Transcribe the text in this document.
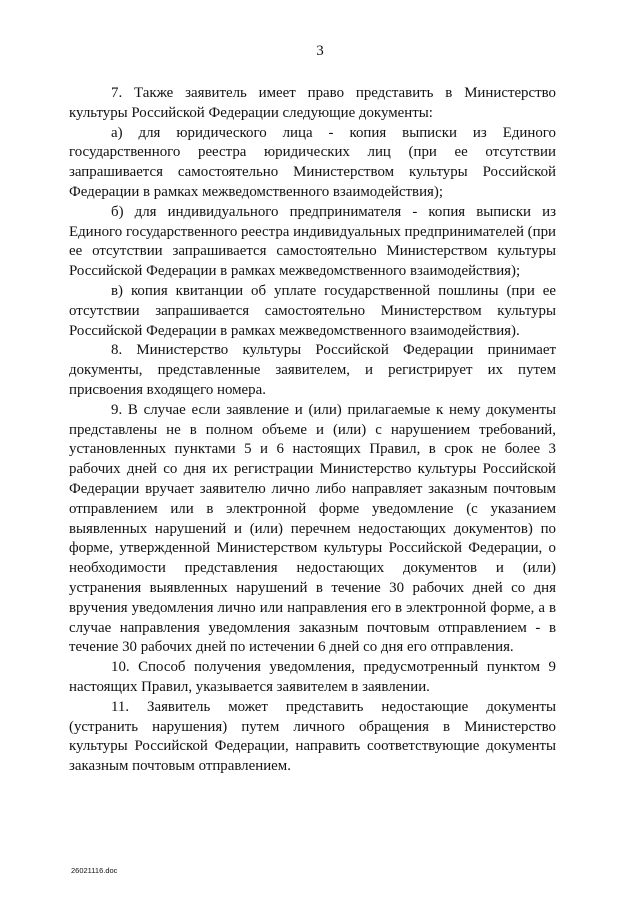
3

7. Также заявитель имеет право представить в Министерство культуры Российской Федерации следующие документы:

а) для юридического лица - копия выписки из Единого государственного реестра юридических лиц (при ее отсутствии запрашивается самостоятельно Министерством культуры Российской Федерации в рамках межведомственного взаимодействия);

б) для индивидуального предпринимателя - копия выписки из Единого государственного реестра индивидуальных предпринимателей (при ее отсутствии запрашивается самостоятельно Министерством культуры Российской Федерации в рамках межведомственного взаимодействия);

в) копия квитанции об уплате государственной пошлины (при ее отсутствии запрашивается самостоятельно Министерством культуры Российской Федерации в рамках межведомственного взаимодействия).

8. Министерство культуры Российской Федерации принимает документы, представленные заявителем, и регистрирует их путем присвоения входящего номера.

9. В случае если заявление и (или) прилагаемые к нему документы представлены не в полном объеме и (или) с нарушением требований, установленных пунктами 5 и 6 настоящих Правил, в срок не более 3 рабочих дней со дня их регистрации Министерство культуры Российской Федерации вручает заявителю лично либо направляет заказным почтовым отправлением или в электронной форме уведомление (с указанием выявленных нарушений и (или) перечнем недостающих документов) по форме, утвержденной Министерством культуры Российской Федерации, о необходимости представления недостающих документов и (или) устранения выявленных нарушений в течение 30 рабочих дней со дня вручения уведомления лично или направления его в электронной форме, а в случае направления уведомления заказным почтовым отправлением - в течение 30 рабочих дней по истечении 6 дней со дня его отправления.

10. Способ получения уведомления, предусмотренный пунктом 9 настоящих Правил, указывается заявителем в заявлении.

11. Заявитель может представить недостающие документы (устранить нарушения) путем личного обращения в Министерство культуры Российской Федерации, направить соответствующие документы заказным почтовым отправлением.

26021116.doc
